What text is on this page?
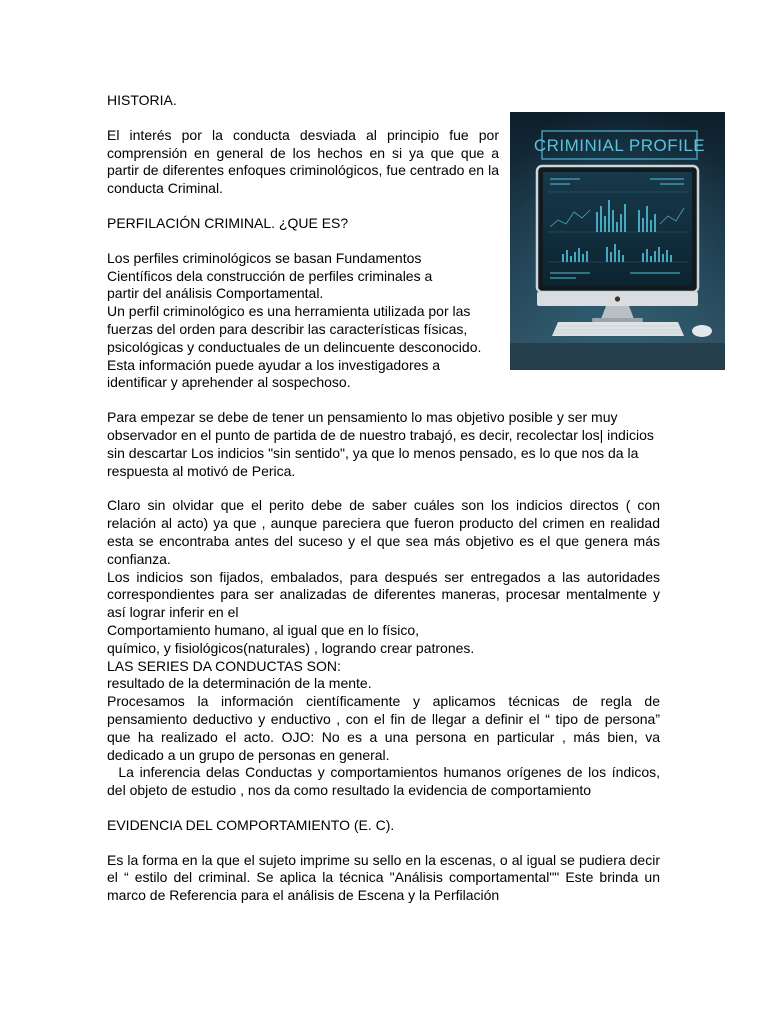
HISTORIA.

El interés por la conducta desviada al principio fue por comprensión en general de los hechos en si ya que que a partir de diferentes enfoques criminológicos, fue centrado en la conducta Criminal.

PERFILACIÓN CRIMINAL. ¿QUE ES?

Los perfiles criminológicos se basan Fundamentos

Científicos dela construcción de perfiles criminales a

partir del análisis Comportamental.

Un perfil criminológico es una herramienta utilizada por las fuerzas del orden para describir las características físicas, psicológicas y conductuales de un delincuente desconocido. Esta información puede ayudar a los investigadores a identificar y aprehender al sospechoso.

Para empezar se debe de tener un pensamiento lo mas objetivo posible y ser muy observador en el punto de partida de de nuestro trabajó, es decir, recolectar los| indicios sin descartar Los indicios "sin sentido", ya que lo menos pensado, es lo que nos da la respuesta al motivó de Perica.

Claro sin olvidar que el perito debe de saber cuáles son los indicios directos ( con relación al acto) ya que , aunque pareciera que fueron producto del crimen en realidad esta se encontraba antes del suceso y el que sea más objetivo es el que genera más confianza.

Los indicios son fijados, embalados, para después ser entregados a las autoridades correspondientes para ser analizadas de diferentes maneras, procesar mentalmente y así lograr inferir en el

Comportamiento humano, al igual que en lo físico,

químico, y fisiológicos(naturales) , logrando crear patrones.

LAS SERIES DA CONDUCTAS SON:

resultado de la determinación de la mente.

Procesamos la información científicamente y aplicamos técnicas de regla de pensamiento deductivo y enductivo , con el fin de llegar a definir el “ tipo de persona” que ha realizado el acto. OJO: No es a una persona en particular , más bien, va dedicado a un grupo de personas en general.

La inferencia delas Conductas y comportamientos humanos orígenes de los índicos, del objeto de estudio , nos da como resultado la evidencia de comportamiento

EVIDENCIA DEL COMPORTAMIENTO (E. C).

Es la forma en la que el sujeto imprime su sello en la escenas, o al igual se pudiera decir el “ estilo del criminal. Se aplica la técnica "Análisis comportamental"" Este brinda un marco de Referencia para el análisis de Escena y la Perfilación

CRIMINIAL PROFILE
